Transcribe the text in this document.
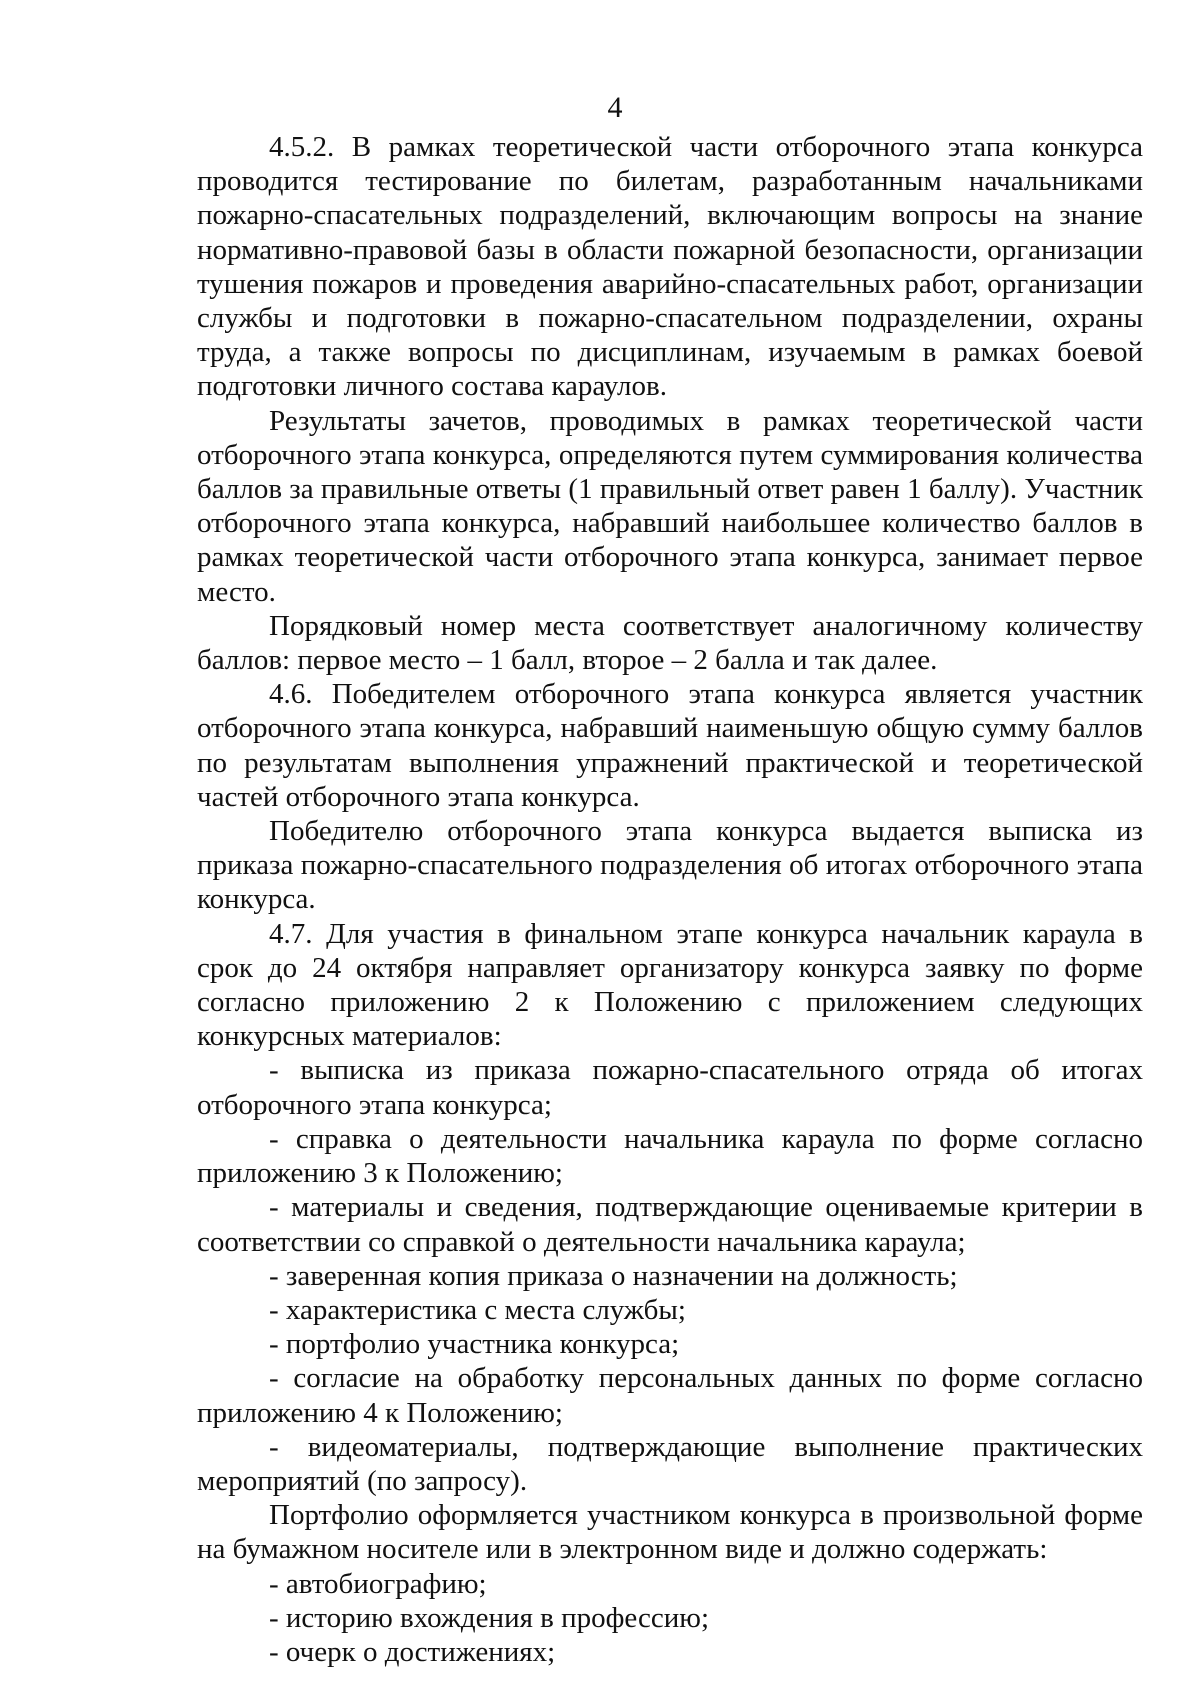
4

4.5.2. В рамках теоретической части отборочного этапа конкурса проводится тестирование по билетам, разработанным начальниками пожарно-спасательных подразделений, включающим вопросы на знание нормативно-правовой базы в области пожарной безопасности, организации тушения пожаров и проведения аварийно-спасательных работ, организации службы и подготовки в пожарно-спасательном подразделении, охраны труда, а также вопросы по дисциплинам, изучаемым в рамках боевой подготовки личного состава караулов.

Результаты зачетов, проводимых в рамках теоретической части отборочного этапа конкурса, определяются путем суммирования количества баллов за правильные ответы (1 правильный ответ равен 1 баллу). Участник отборочного этапа конкурса, набравший наибольшее количество баллов в рамках теоретической части отборочного этапа конкурса, занимает первое место.

Порядковый номер места соответствует аналогичному количеству баллов: первое место – 1 балл, второе – 2 балла и так далее.

4.6. Победителем отборочного этапа конкурса является участник отборочного этапа конкурса, набравший наименьшую общую сумму баллов по результатам выполнения упражнений практической и теоретической частей отборочного этапа конкурса.

Победителю отборочного этапа конкурса выдается выписка из приказа пожарно-спасательного подразделения об итогах отборочного этапа конкурса.

4.7. Для участия в финальном этапе конкурса начальник караула в срок до 24 октября направляет организатору конкурса заявку по форме согласно приложению 2 к Положению с приложением следующих конкурсных материалов:

- выписка из приказа пожарно-спасательного отряда об итогах отборочного этапа конкурса;

- справка о деятельности начальника караула по форме согласно приложению 3 к Положению;

- материалы и сведения, подтверждающие оцениваемые критерии в соответствии со справкой о деятельности начальника караула;

- заверенная копия приказа о назначении на должность;

- характеристика с места службы;

- портфолио участника конкурса;

- согласие на обработку персональных данных по форме согласно приложению 4 к Положению;

- видеоматериалы, подтверждающие выполнение практических мероприятий (по запросу).

Портфолио оформляется участником конкурса в произвольной форме на бумажном носителе или в электронном виде и должно содержать:

- автобиографию;

- историю вхождения в профессию;

- очерк о достижениях;
